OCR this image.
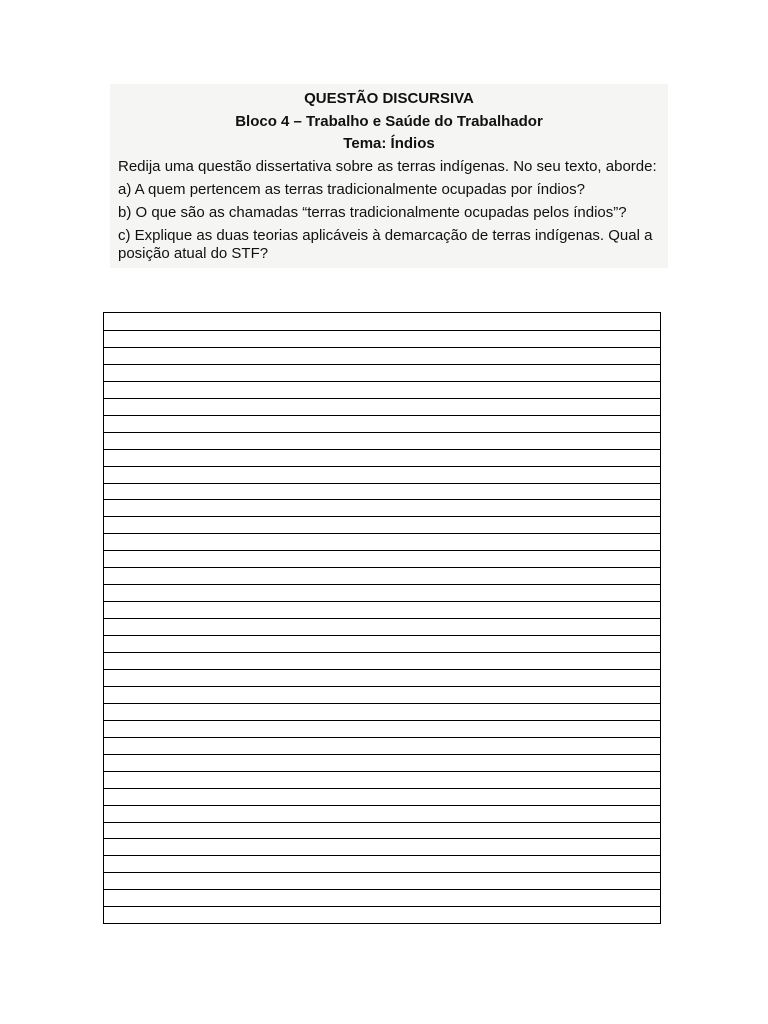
QUESTÃO DISCURSIVA

Bloco 4 – Trabalho e Saúde do Trabalhador

Tema: Índios

Redija uma questão dissertativa sobre as terras indígenas. No seu texto, aborde:

a) A quem pertencem as terras tradicionalmente ocupadas por índios?

b) O que são as chamadas “terras tradicionalmente ocupadas pelos índios”?

c) Explique as duas teorias aplicáveis à demarcação de terras indígenas. Qual a

posição atual do STF?
